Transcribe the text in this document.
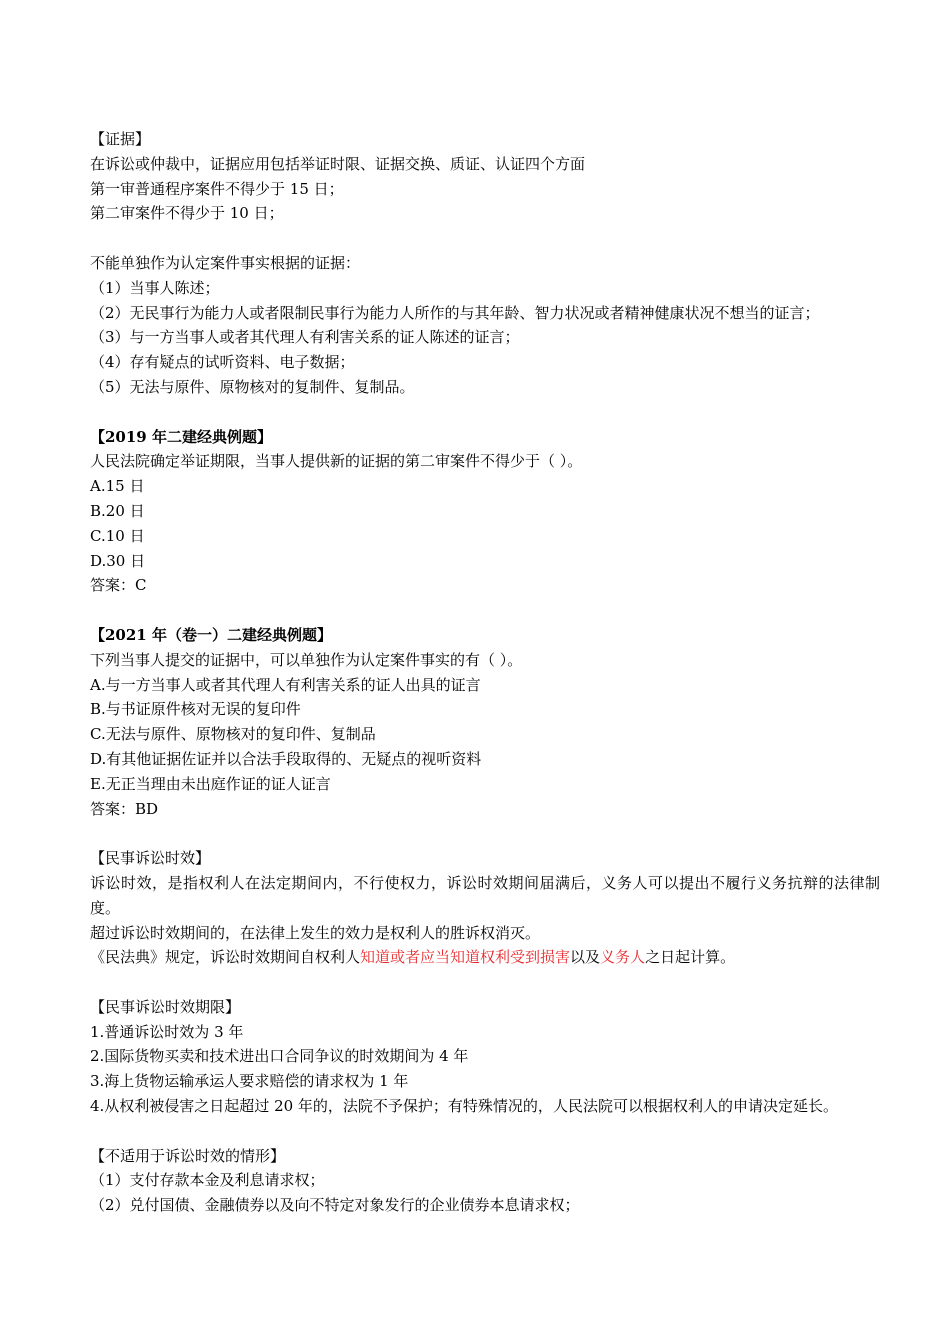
【证据】
在诉讼或仲裁中，证据应用包括举证时限、证据交换、质证、认证四个方面
第一审普通程序案件不得少于 15 日；
第二审案件不得少于 10 日；
不能单独作为认定案件事实根据的证据：
（1）当事人陈述；
（2）无民事行为能力人或者限制民事行为能力人所作的与其年龄、智力状况或者精神健康状况不想当的证言；
（3）与一方当事人或者其代理人有利害关系的证人陈述的证言；
（4）存有疑点的试听资料、电子数据；
（5）无法与原件、原物核对的复制件、复制品。
【2019 年二建经典例题】
人民法院确定举证期限，当事人提供新的证据的第二审案件不得少于（ ）。
A.15 日
B.20 日
C.10 日
D.30 日
答案：C
【2021 年（卷一）二建经典例题】
下列当事人提交的证据中，可以单独作为认定案件事实的有（ ）。
A.与一方当事人或者其代理人有利害关系的证人出具的证言
B.与书证原件核对无误的复印件
C.无法与原件、原物核对的复印件、复制品
D.有其他证据佐证并以合法手段取得的、无疑点的视听资料
E.无正当理由未出庭作证的证人证言
答案：BD
【民事诉讼时效】
诉讼时效，是指权利人在法定期间内，不行使权力，诉讼时效期间届满后，义务人可以提出不履行义务抗辩的法律制度。
超过诉讼时效期间的，在法律上发生的效力是权利人的胜诉权消灭。
《民法典》规定，诉讼时效期间自权利人知道或者应当知道权利受到损害以及义务人之日起计算。
【民事诉讼时效期限】
1.普通诉讼时效为 3 年
2.国际货物买卖和技术进出口合同争议的时效期间为 4 年
3.海上货物运输承运人要求赔偿的请求权为 1 年
4.从权利被侵害之日起超过 20 年的，法院不予保护；有特殊情况的，人民法院可以根据权利人的申请决定延长。
【不适用于诉讼时效的情形】
（1）支付存款本金及利息请求权；
（2）兑付国债、金融债券以及向不特定对象发行的企业债券本息请求权；
